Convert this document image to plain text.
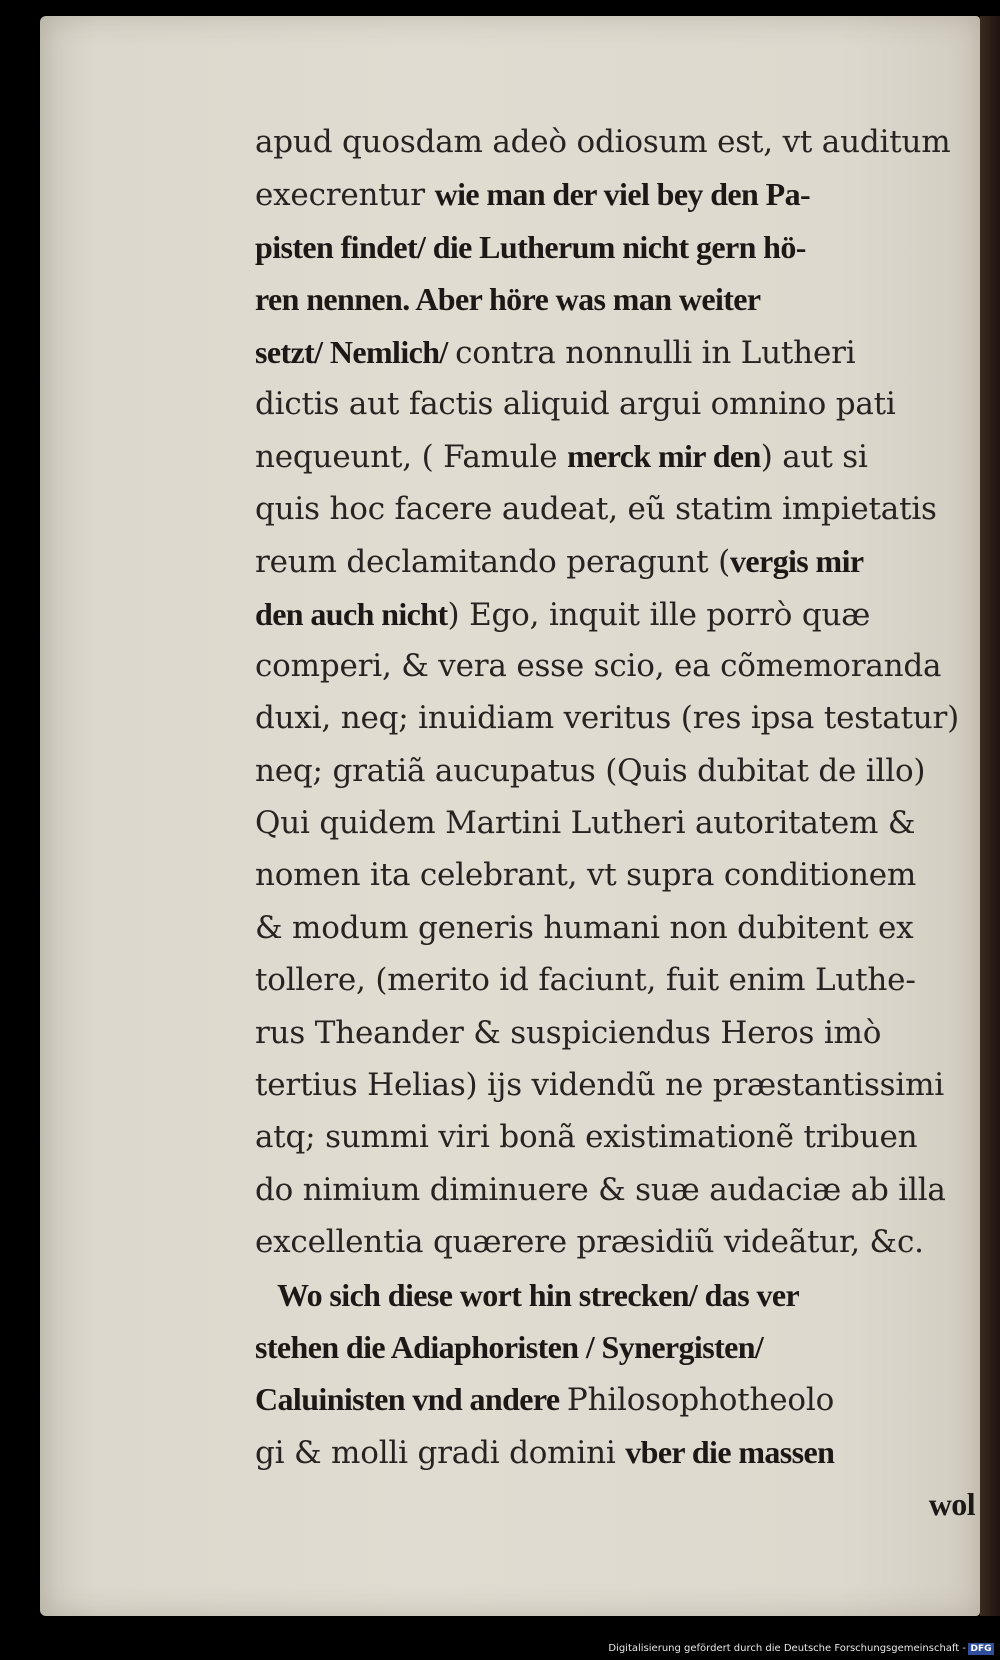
apud quosdam adeò odiosum est, vt auditum
execrentur wie man der viel bey den Pa-
pisten findet/ die Lutherum nicht gern hö-
ren nennen. Aber höre was man weiter
setzt/ Nemlich/ contra nonnulli in Lutheri
dictis aut factis aliquid argui omnino pati
nequeunt, ( Famule merck mir den) aut si
quis hoc facere audeat, eũ statim impietatis
reum declamitando peragunt (vergis mir
den auch nicht) Ego, inquit ille porrò quæ
comperi, & vera esse scio, ea cõmemoranda
duxi, neq; inuidiam veritus (res ipsa testatur)
neq; gratiã aucupatus (Quis dubitat de illo)
Qui quidem Martini Lutheri autoritatem &
nomen ita celebrant, vt supra conditionem
& modum generis humani non dubitent ex
tollere, (merito id faciunt, fuit enim Luthe-
rus Theander & suspiciendus Heros imò
tertius Helias) ijs videndũ ne præstantissimi
atq; summi viri bonã existimationẽ tribuen
do nimium diminuere & suæ audaciæ ab illa
excellentia quærere præsidiũ videãtur, &c.
Wo sich diese wort hin strecken/ das ver
stehen die Adiaphoristen / Synergisten/
Caluinisten vnd andere Philosophotheolo
gi & molli gradi domini vber die massen
wol
Digitalisierung gefördert durch die Deutsche Forschungsgemeinschaft - DFG
